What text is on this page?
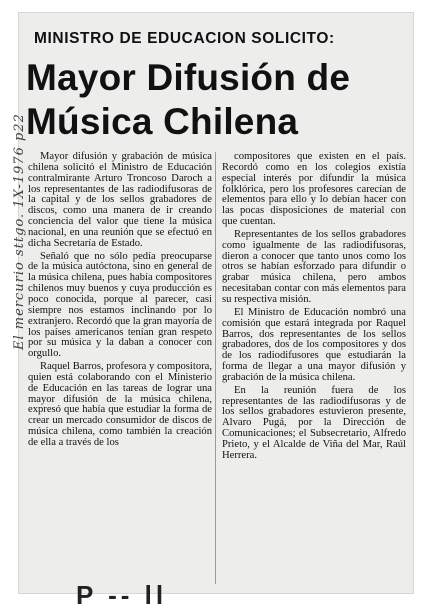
MINISTRO DE EDUCACION SOLICITO:
Mayor Difusión de
Música Chilena

Mayor difusión y grabación de música chilena solicitó el Ministro de Educación contralmirante Arturo Troncoso Daroch a los representantes de las radiodifusoras de la capital y de los sellos grabadores de discos, como una manera de ir creando conciencia del valor que tiene la música nacional, en una reunión que se efectuó en dicha Secretaría de Estado.

Señaló que no sólo pedía preocuparse de la música autóctona, sino en general de la música chilena, pues había compositores chilenos muy buenos y cuya producción es poco conocida, porque al parecer, casi siempre nos estamos inclinando por lo extranjero. Recordó que la gran mayoría de los países americanos tenían gran respeto por su música y la daban a conocer con orgullo.

Raquel Barros, profesora y compositora, quien está colaborando con el Ministerio de Educación en las tareas de lograr una mayor difusión de la música chilena, expresó que había que estudiar la forma de crear un mercado consumidor de discos de música chilena, como también la creación de ella a través de los

compositores que existen en el país. Recordó como en los colegios existía especial interés por difundir la música folklórica, pero los profesores carecían de elementos para ello y lo debían hacer con las pocas disposiciones de material con que cuentan.

Representantes de los sellos grabadores como igualmente de las radiodifusoras, dieron a conocer que tanto unos como los otros se habían esforzado para difundir o grabar música chilena, pero ambos necesitaban contar con más elementos para su respectiva misión.

El Ministro de Educación nombró una comisión que estará integrada por Raquel Barros, dos representantes de los sellos grabadores, dos de los compositores y dos de los radiodifusores que estudiarán la forma de llegar a una mayor difusión y grabación de la música chilena.

En la reunión fuera de los representantes de las radiodifusoras y de los sellos grabadores estuvieron presente, Alvaro Pugá, por la Dirección de Comunicaciones; el Subsecretario, Alfredo Prieto, y el Alcalde de Viña del Mar, Raúl Herrera.

El mercurio sttgo. 1X-1976 p22
P -- ll
